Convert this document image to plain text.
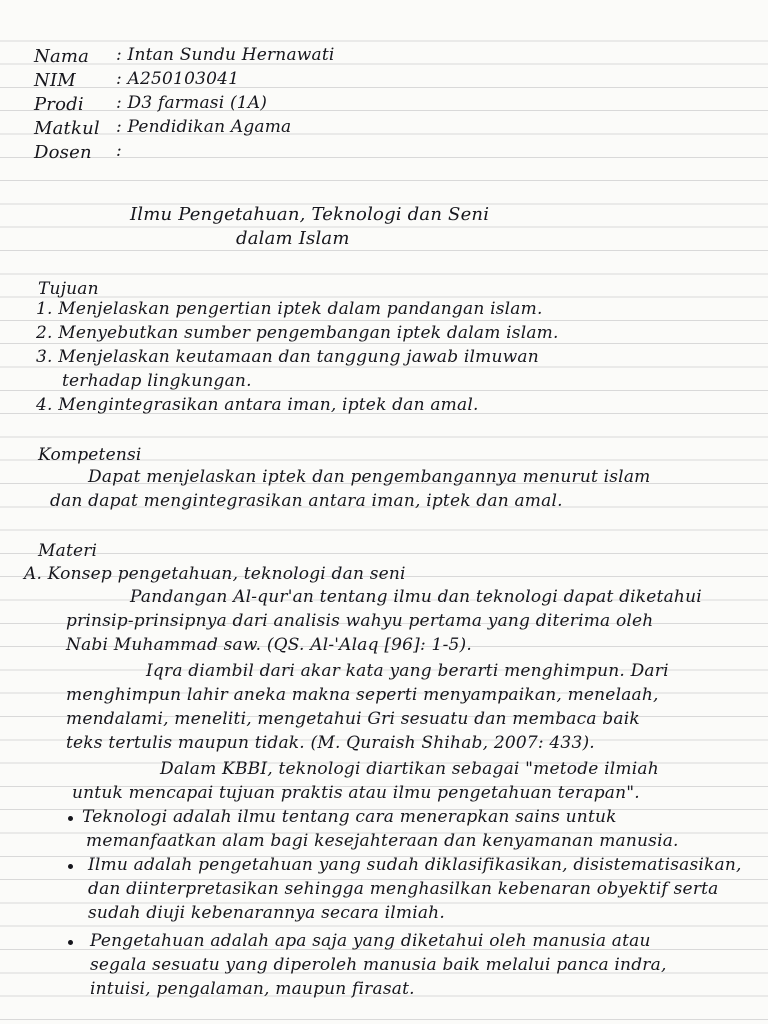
Nama : Intan Sundu Hernawati
NIM : A250103041
Prodi : D3 farmasi (1A)
Matkul : Pendidikan Agama
Dosen :
Ilmu Pengetahuan, Teknologi dan Seni
dalam Islam
Tujuan
1. Menjelaskan pengertian iptek dalam pandangan islam.
2. Menyebutkan sumber pengembangan iptek dalam islam.
3. Menjelaskan keutamaan dan tanggung jawab ilmuwan
terhadap lingkungan.
4. Mengintegrasikan antara iman, iptek dan amal.
Kompetensi
Dapat menjelaskan iptek dan pengembangannya menurut islam
dan dapat mengintegrasikan antara iman, iptek dan amal.
Materi
A. Konsep pengetahuan, teknologi dan seni
Pandangan Al-qur'an tentang ilmu dan teknologi dapat diketahui
prinsip-prinsipnya dari analisis wahyu pertama yang diterima oleh
Nabi Muhammad saw. (QS. Al-'Alaq [96]: 1-5).
Iqra diambil dari akar kata yang berarti menghimpun. Dari
menghimpun lahir aneka makna seperti menyampaikan, menelaah,
mendalami, meneliti, mengetahui Gri sesuatu dan membaca baik
teks tertulis maupun tidak. (M. Quraish Shihab, 2007: 433).
Dalam KBBI, teknologi diartikan sebagai "metode ilmiah
untuk mencapai tujuan praktis atau ilmu pengetahuan terapan".
Teknologi adalah ilmu tentang cara menerapkan sains untuk
memanfaatkan alam bagi kesejahteraan dan kenyamanan manusia.
Ilmu adalah pengetahuan yang sudah diklasifikasikan, disistematisasikan,
dan diinterpretasikan sehingga menghasilkan kebenaran obyektif serta
sudah diuji kebenarannya secara ilmiah.
Pengetahuan adalah apa saja yang diketahui oleh manusia atau
segala sesuatu yang diperoleh manusia baik melalui panca indra,
intuisi, pengalaman, maupun firasat.
